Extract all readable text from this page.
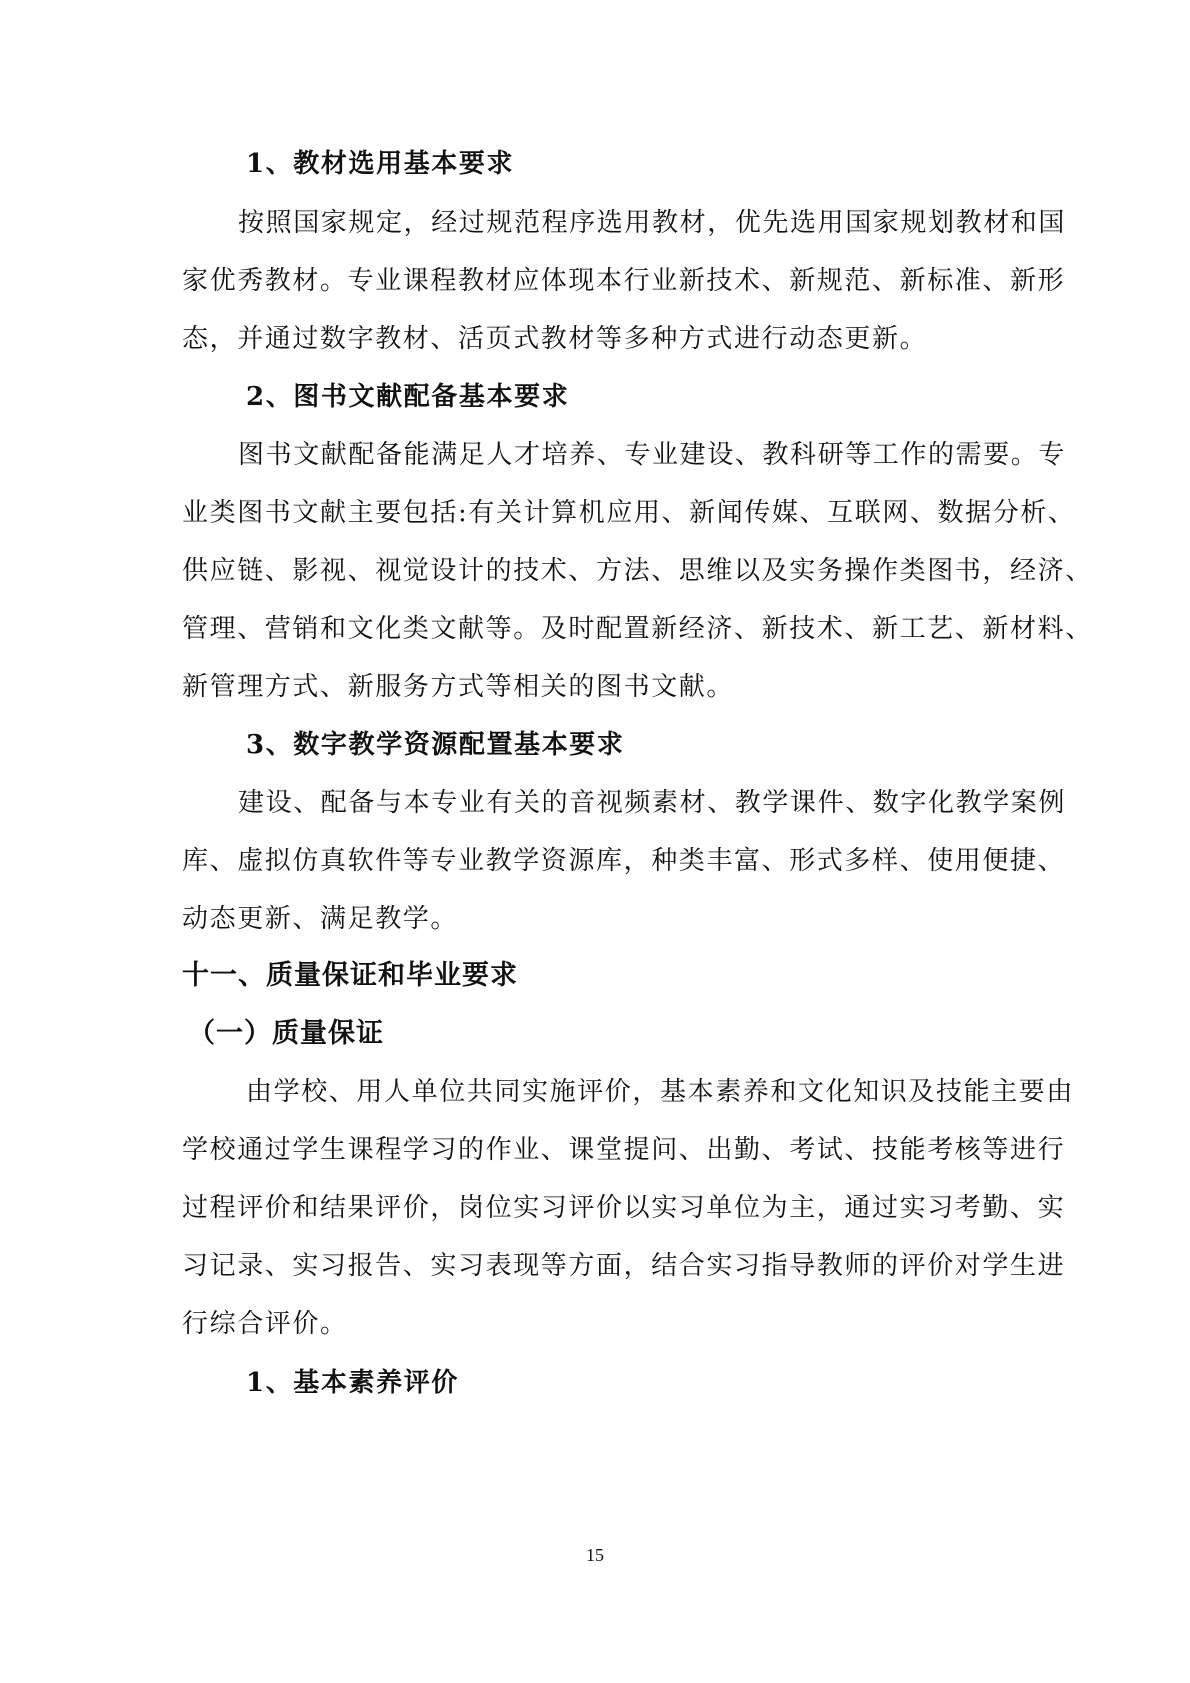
1、教材选用基本要求
按照国家规定，经过规范程序选用教材，优先选用国家规划教材和国
家优秀教材。专业课程教材应体现本行业新技术、新规范、新标准、新形
态，并通过数字教材、活页式教材等多种方式进行动态更新。
2、图书文献配备基本要求
图书文献配备能满足人才培养、专业建设、教科研等工作的需要。专
业类图书文献主要包括:有关计算机应用、新闻传媒、互联网、数据分析、
供应链、影视、视觉设计的技术、方法、思维以及实务操作类图书，经济、
管理、营销和文化类文献等。及时配置新经济、新技术、新工艺、新材料、
新管理方式、新服务方式等相关的图书文献。
3、数字教学资源配置基本要求
建设、配备与本专业有关的音视频素材、教学课件、数字化教学案例
库、虚拟仿真软件等专业教学资源库，种类丰富、形式多样、使用便捷、
动态更新、满足教学。
十一、质量保证和毕业要求
（一）质量保证
由学校、用人单位共同实施评价，基本素养和文化知识及技能主要由
学校通过学生课程学习的作业、课堂提问、出勤、考试、技能考核等进行
过程评价和结果评价，岗位实习评价以实习单位为主，通过实习考勤、实
习记录、实习报告、实习表现等方面，结合实习指导教师的评价对学生进
行综合评价。
1、基本素养评价
15
